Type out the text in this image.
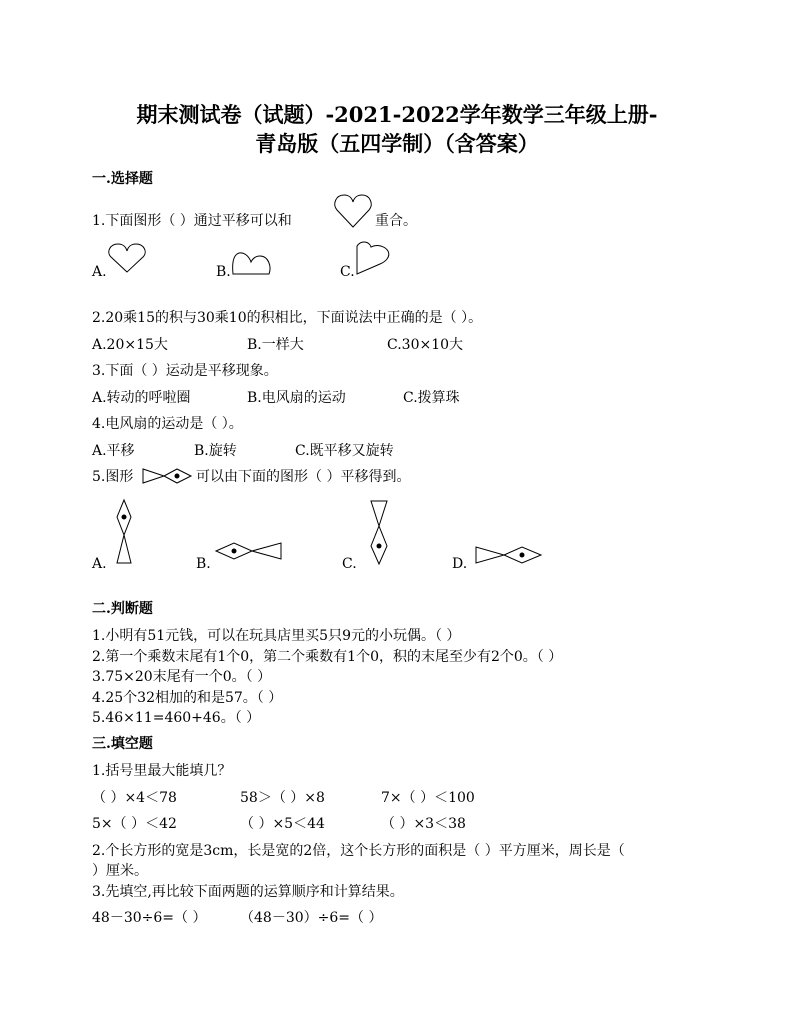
期末测试卷（试题）-2021-2022学年数学三年级上册-
青岛版（五四学制）（含答案）
一.选择题
1.下面图形（ ）通过平移可以和	重合。
A.	B.	C.
2.20乘15的积与30乘10的积相比，下面说法中正确的是（ ）。
A.20×15大	B.一样大	C.30×10大
3.下面（ ）运动是平移现象。
A.转动的呼啦圈	B.电风扇的运动	C.拨算珠
4.电风扇的运动是（ ）。
A.平移	B.旋转	C.既平移又旋转
5.图形	可以由下面的图形（ ）平移得到。
A.	B.	C.	D.
二.判断题
1.小明有51元钱，可以在玩具店里买5只9元的小玩偶。（ ）
2.第一个乘数末尾有1个0，第二个乘数有1个0，积的末尾至少有2个0。（ ）
3.75×20末尾有一个0。（ ）
4.25个32相加的和是57。（ ）
5.46×11=460+46。（ ）
三.填空题
1.括号里最大能填几？
（ ）×4＜78	58＞（ ）×8	7×（ ）＜100
5×（ ）＜42	（ ）×5＜44	（ ）×3＜38
2.个长方形的宽是3cm，长是宽的2倍，这个长方形的面积是（ ）平方厘米，周长是（
）厘米。
3.先填空,再比较下面两题的运算顺序和计算结果。
48－30÷6=（ ） （48－30）÷6=（ ）
